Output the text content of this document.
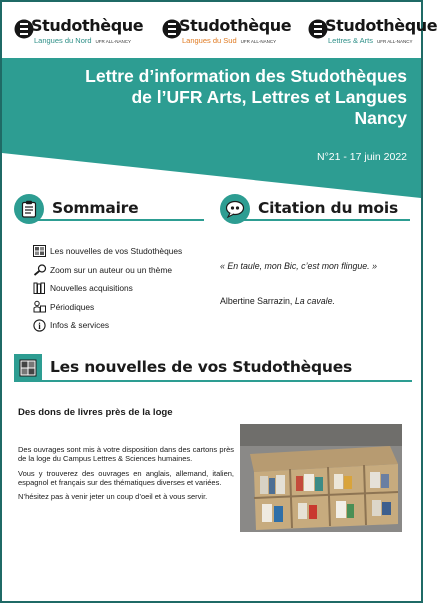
Studothèque
Langues du Nord UFR ALL-NANCY
Studothèque
Langues du Sud UFR ALL-NANCY
Studothèque
Lettres & Arts UFR ALL-NANCY
Lettre d’information des Studothèques
de l’UFR Arts, Lettres et Langues
Nancy
N°21 - 17 juin 2022
Sommaire
Les nouvelles de vos Studothèques
Zoom sur un auteur ou un thème
Nouvelles acquisitions
Périodiques
i Infos & services
Citation du mois
« En taule, mon Bic, c’est mon flingue. »
Albertine Sarrazin, La cavale.
Les nouvelles de vos Studothèques
Des dons de livres près de la loge

Des ouvrages sont mis à votre disposition dans des cartons près de la loge du Campus Lettres & Sciences humaines.

Vous y trouverez des ouvrages en anglais, allemand, italien, espagnol et français sur des thématiques diverses et variées.

N’hésitez pas à venir jeter un coup d’oeil et à vous servir.
